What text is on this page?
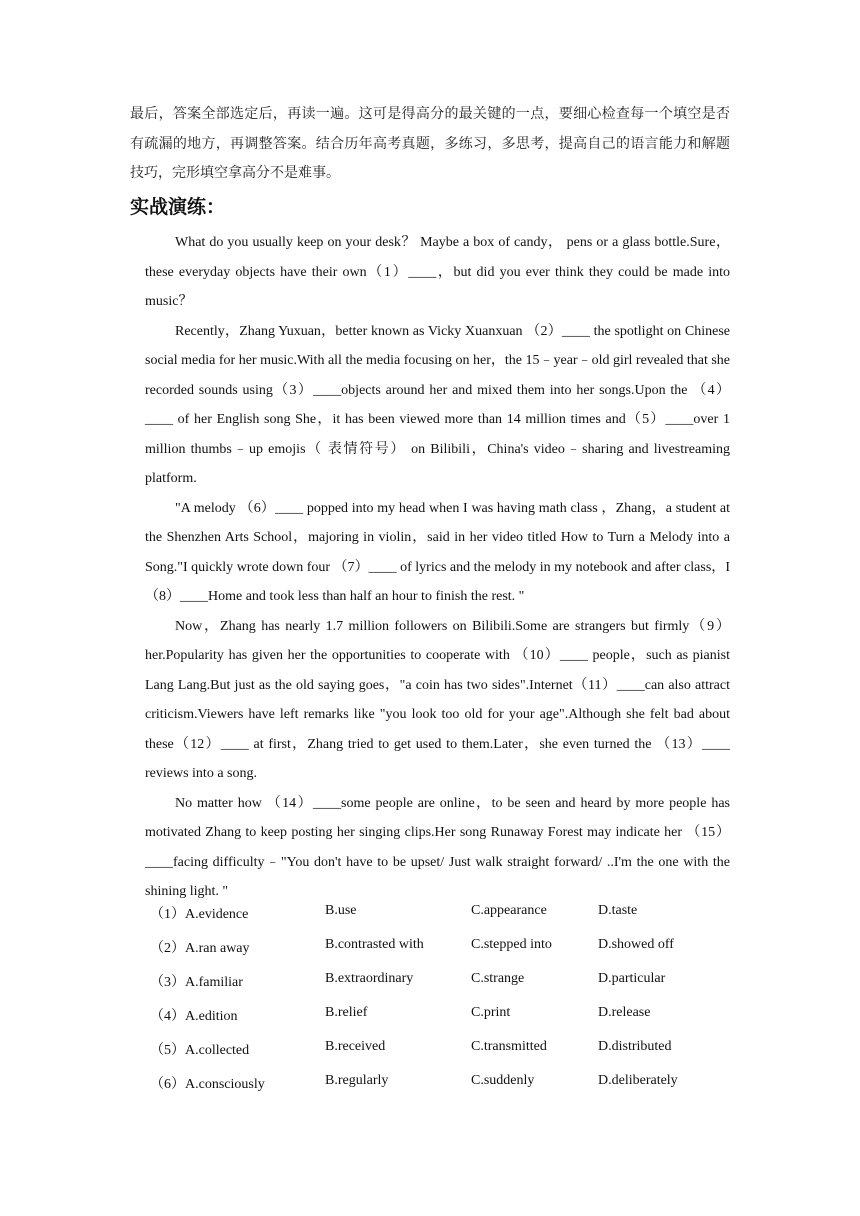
最后，答案全部选定后，再读一遍。这可是得高分的最关键的一点，要细心检查每一个填空是否有疏漏的地方，再调整答案。结合历年高考真题，多练习，多思考，提高自己的语言能力和解题技巧，完形填空拿高分不是难事。
实战演练：

What do you usually keep on your desk？ Maybe a box of candy， pens or a glass bottle.Sure，these everyday objects have their own（1）____，but did you ever think they could be made into music？

Recently，Zhang Yuxuan，better known as Vicky Xuanxuan （2）____ the spotlight on Chinese social media for her music.With all the media focusing on her，the 15﹣year﹣old girl revealed that she recorded sounds using（3）____objects around her and mixed them into her songs.Upon the （4）____ of her English song She，it has been viewed more than 14 million times and（5）____over 1 million thumbs﹣up emojis（ 表情符号） on Bilibili，China's video﹣sharing and livestreaming platform.

"A melody （6）____ popped into my head when I was having math class ，Zhang，a student at the Shenzhen Arts School，majoring in violin，said in her video titled How to Turn a Melody into a Song."I quickly wrote down four （7）____ of lyrics and the melody in my notebook and after class，I（8）____Home and took less than half an hour to finish the rest. "

Now，Zhang has nearly 1.7 million followers on Bilibili.Some are strangers but firmly（9）her.Popularity has given her the opportunities to cooperate with （10）____ people，such as pianist Lang Lang.But just as the old saying goes，"a coin has two sides".Internet（11）____can also attract criticism.Viewers have left remarks like "you look too old for your age".Although she felt bad about these（12）____ at first，Zhang tried to get used to them.Later，she even turned the （13）____ reviews into a song.

No matter how （14）____some people are online，to be seen and heard by more people has motivated Zhang to keep posting her singing clips.Her song Runaway Forest may indicate her （15）____facing difficulty﹣"You don't have to be upset/ Just walk straight forward/ ..I'm the one with the shining light. "

（1）A.evidence	B.use	C.appearance	D.taste
（2）A.ran away	B.contrasted with	C.stepped into	D.showed off
（3）A.familiar	B.extraordinary	C.strange	D.particular
（4）A.edition	B.relief	C.print	D.release
（5）A.collected	B.received	C.transmitted	D.distributed
（6）A.consciously	B.regularly	C.suddenly	D.deliberately
